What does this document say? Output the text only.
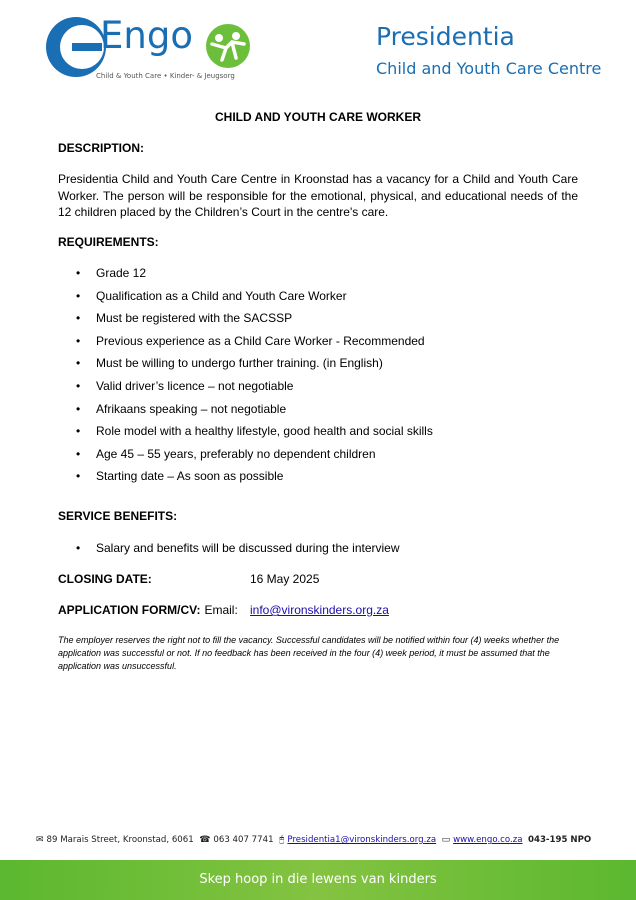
Engo
Child & Youth Care • Kinder- & Jeugsorg
Presidentia
Child and Youth Care Centre
CHILD AND YOUTH CARE WORKER
DESCRIPTION:
Presidentia Child and Youth Care Centre in Kroonstad has a vacancy for a Child and Youth Care Worker. The person will be responsible for the emotional, physical, and educational needs of the 12 children placed by the Children’s Court in the centre's care.
REQUIREMENTS:
• Grade 12
• Qualification as a Child and Youth Care Worker
• Must be registered with the SACSSP
• Previous experience as a Child Care Worker - Recommended
• Must be willing to undergo further training. (in English)
• Valid driver’s licence – not negotiable
• Afrikaans speaking – not negotiable
• Role model with a healthy lifestyle, good health and social skills
• Age 45 – 55 years, preferably no dependent children
• Starting date – As soon as possible
SERVICE BENEFITS:
• Salary and benefits will be discussed during the interview
CLOSING DATE:	16 May 2025
APPLICATION FORM/CV: Email: info@vironskinders.org.za
The employer reserves the right not to fill the vacancy. Successful candidates will be notified within four (4) weeks whether the application was successful or not. If no feedback has been received in the four (4) week period, it must be assumed that the application was unsuccessful.
✉ 89 Marais Street, Kroonstad, 6061 ☎ 063 407 7741 🖰 Presidentia1@vironskinders.org.za ▭ www.engo.co.za 043-195 NPO
Skep hoop in die lewens van kinders
